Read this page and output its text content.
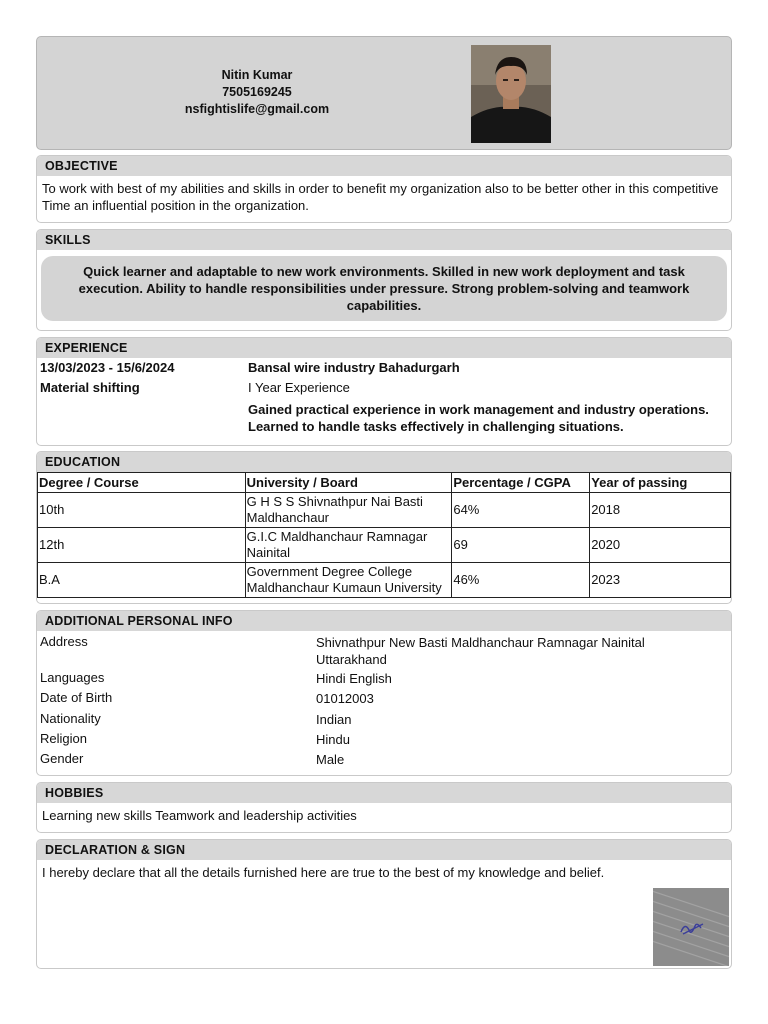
Nitin Kumar
7505169245
nsfightislife@gmail.com
OBJECTIVE
To work with best of my abilities and skills in order to benefit my organization also to be better other in this competitive Time an influential position in the organization.
SKILLS
Quick learner and adaptable to new work environments. Skilled in new work deployment and task execution. Ability to handle responsibilities under pressure. Strong problem-solving and teamwork capabilities.
EXPERIENCE
13/03/2023 - 15/6/2024	Bansal wire industry Bahadurgarh
Material shifting	I Year Experience
Gained practical experience in work management and industry operations. Learned to handle tasks effectively in challenging situations.
EDUCATION
Degree / Course	University / Board	Percentage / CGPA	Year of passing
10th	G H S S Shivnathpur Nai Basti Maldhanchaur	64%	2018
12th	G.I.C Maldhanchaur Ramnagar Nainital	69	2020
B.A	Government Degree College Maldhanchaur Kumaun University	46%	2023
ADDITIONAL PERSONAL INFO
Address	Shivnathpur New Basti Maldhanchaur Ramnagar Nainital Uttarakhand
Languages	Hindi English
Date of Birth	01012003
Nationality	Indian
Religion	Hindu
Gender	Male
HOBBIES
Learning new skills Teamwork and leadership activities
DECLARATION & SIGN
I hereby declare that all the details furnished here are true to the best of my knowledge and belief.
